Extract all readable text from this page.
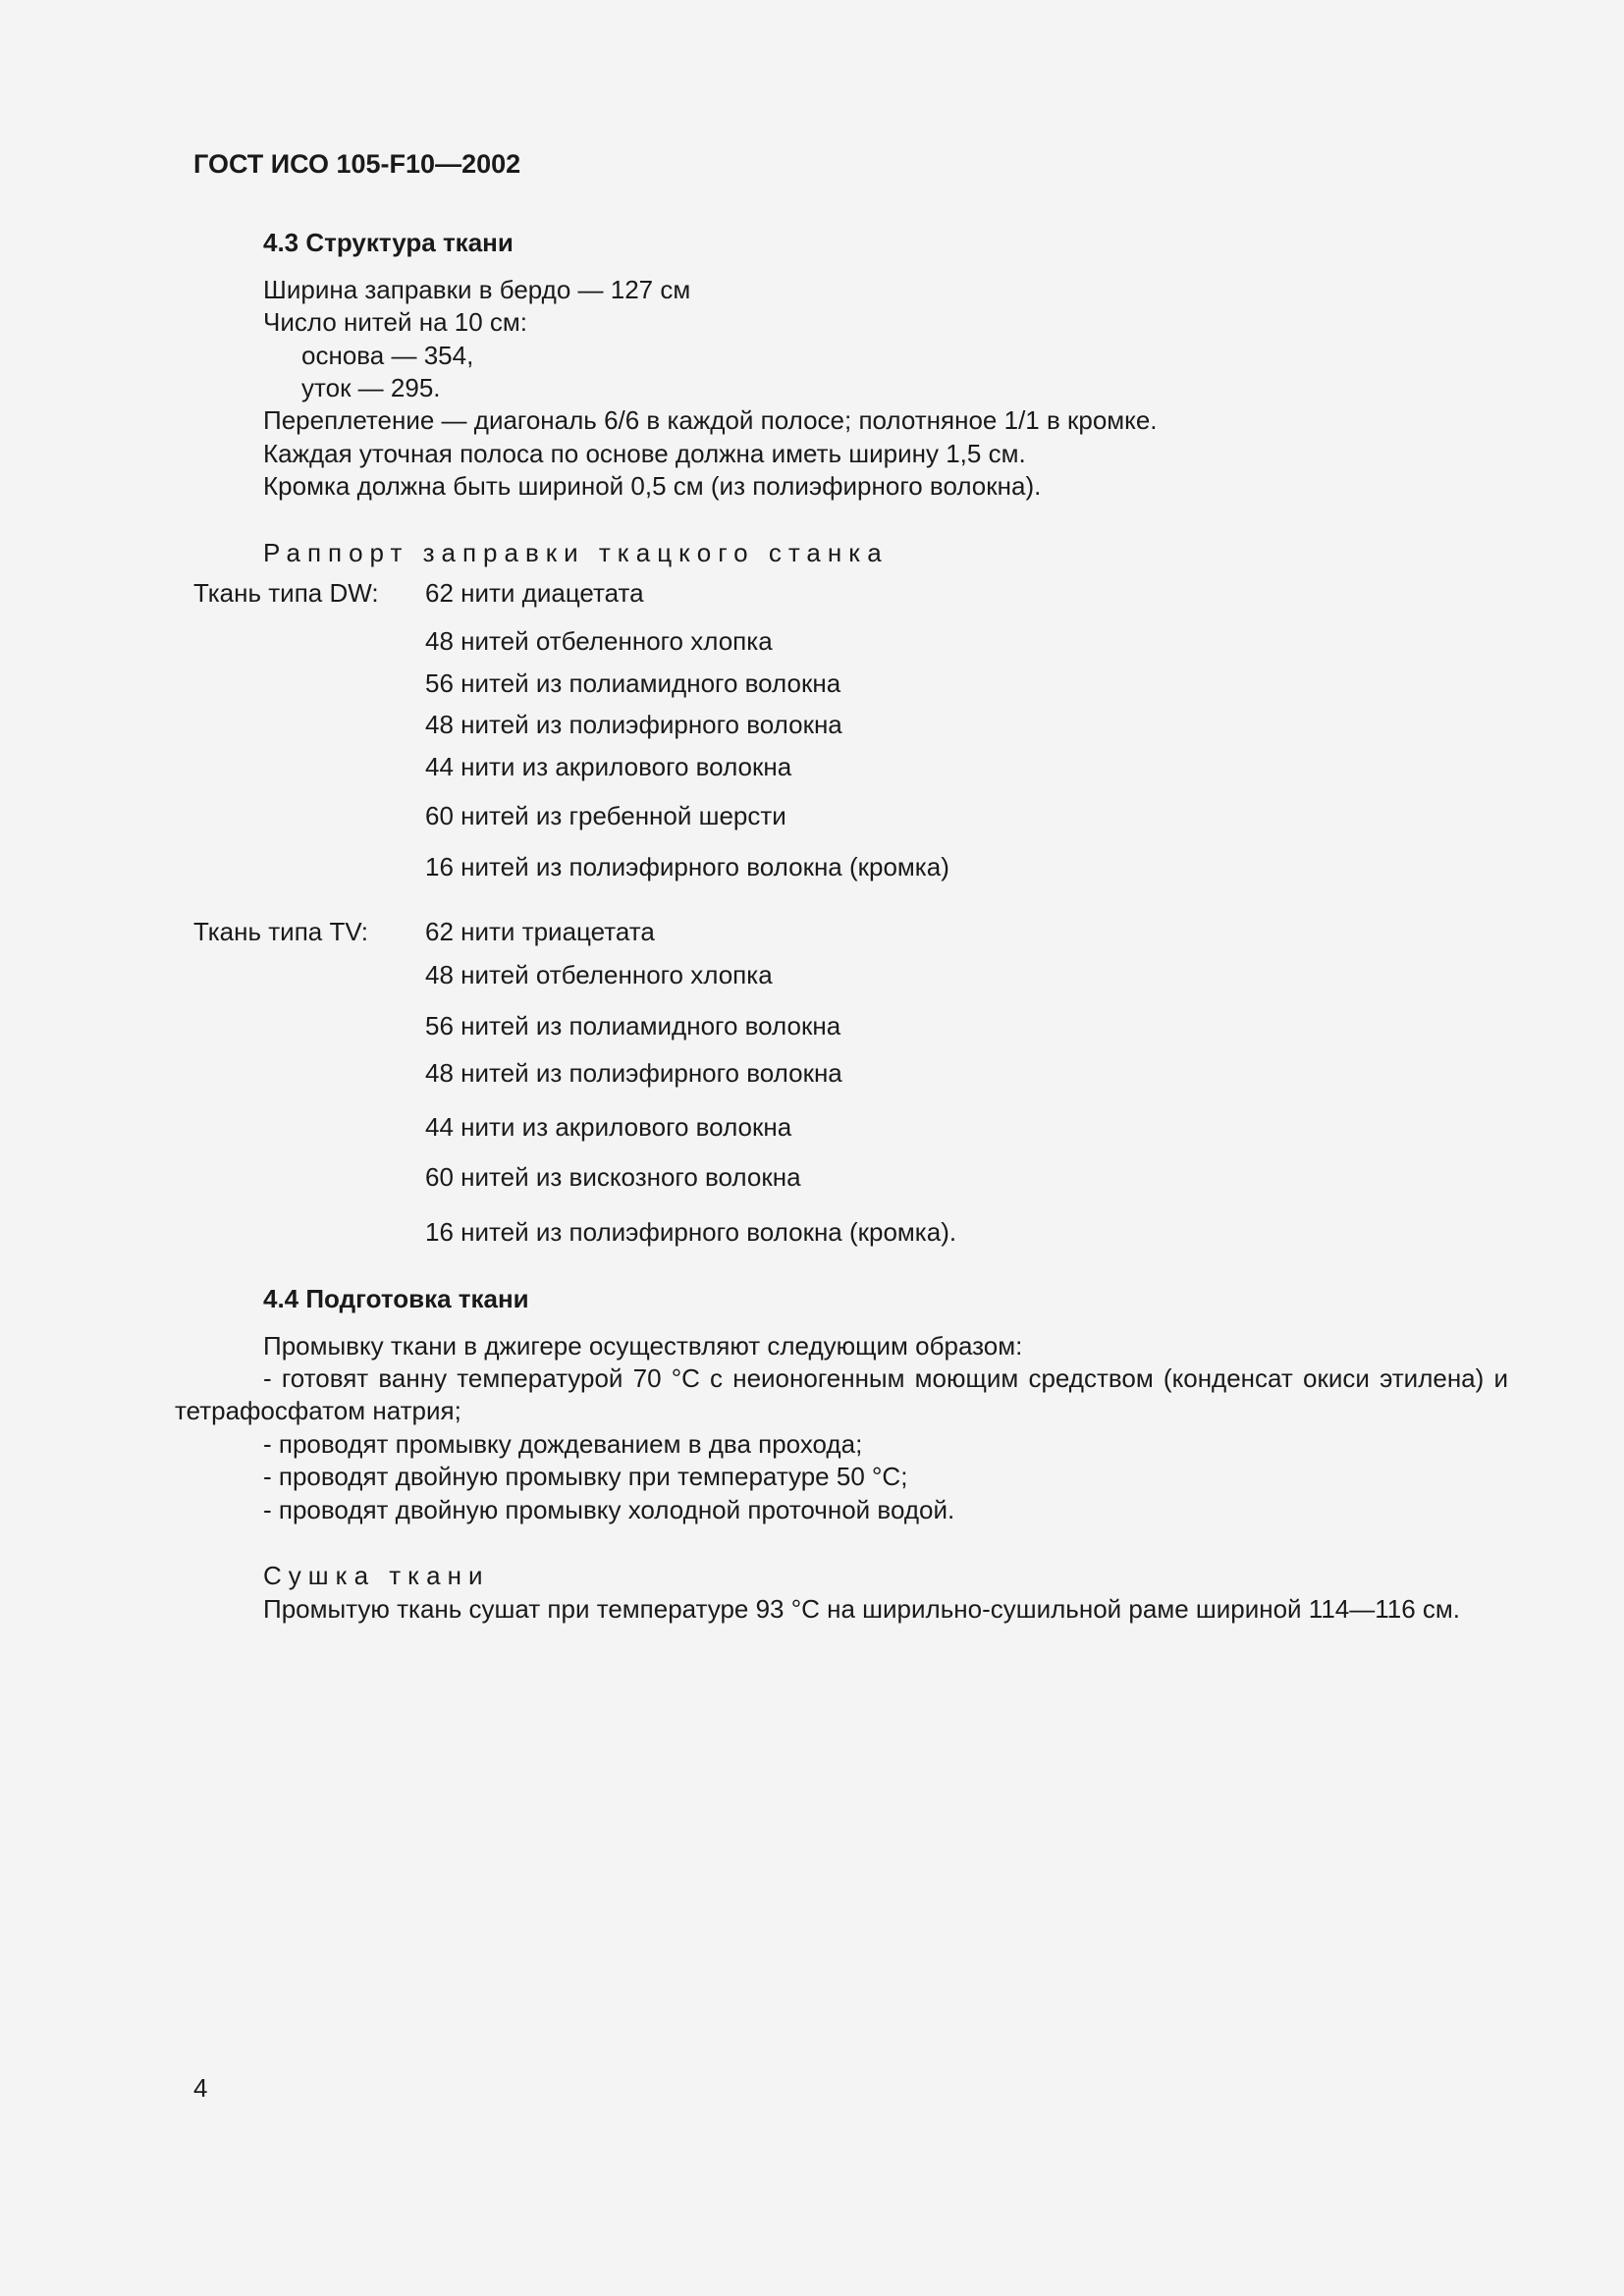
ГОСТ ИСО 105-F10—2002
4.3 Структура ткани
Ширина заправки в бердо — 127 см
Число нитей на 10 см:
основа — 354,
уток — 295.
Переплетение — диагональ 6/6 в каждой полосе; полотняное 1/1 в кромке.
Каждая уточная полоса по основе должна иметь ширину 1,5 см.
Кромка должна быть шириной 0,5 см (из полиэфирного волокна).
Раппорт заправки ткацкого станка
Ткань типа DW: 62 нити диацетата
48 нитей отбеленного хлопка
56 нитей из полиамидного волокна
48 нитей из полиэфирного волокна
44 нити из акрилового волокна
60 нитей из гребенной шерсти
16 нитей из полиэфирного волокна (кромка)
Ткань типа TV: 62 нити триацетата
48 нитей отбеленного хлопка
56 нитей из полиамидного волокна
48 нитей из полиэфирного волокна
44 нити из акрилового волокна
60 нитей из вискозного волокна
16 нитей из полиэфирного волокна (кромка).
4.4 Подготовка ткани
Промывку ткани в джигере осуществляют следующим образом:
- готовят ванну температурой 70 °С с неионогенным моющим средством (конденсат окиси этилена) и тетрафосфатом натрия;
- проводят промывку дождеванием в два прохода;
- проводят двойную промывку при температуре 50 °С;
- проводят двойную промывку холодной проточной водой.
Сушка ткани
Промытую ткань сушат при температуре 93 °С на ширильно-сушильной раме шириной 114—116 см.
4
